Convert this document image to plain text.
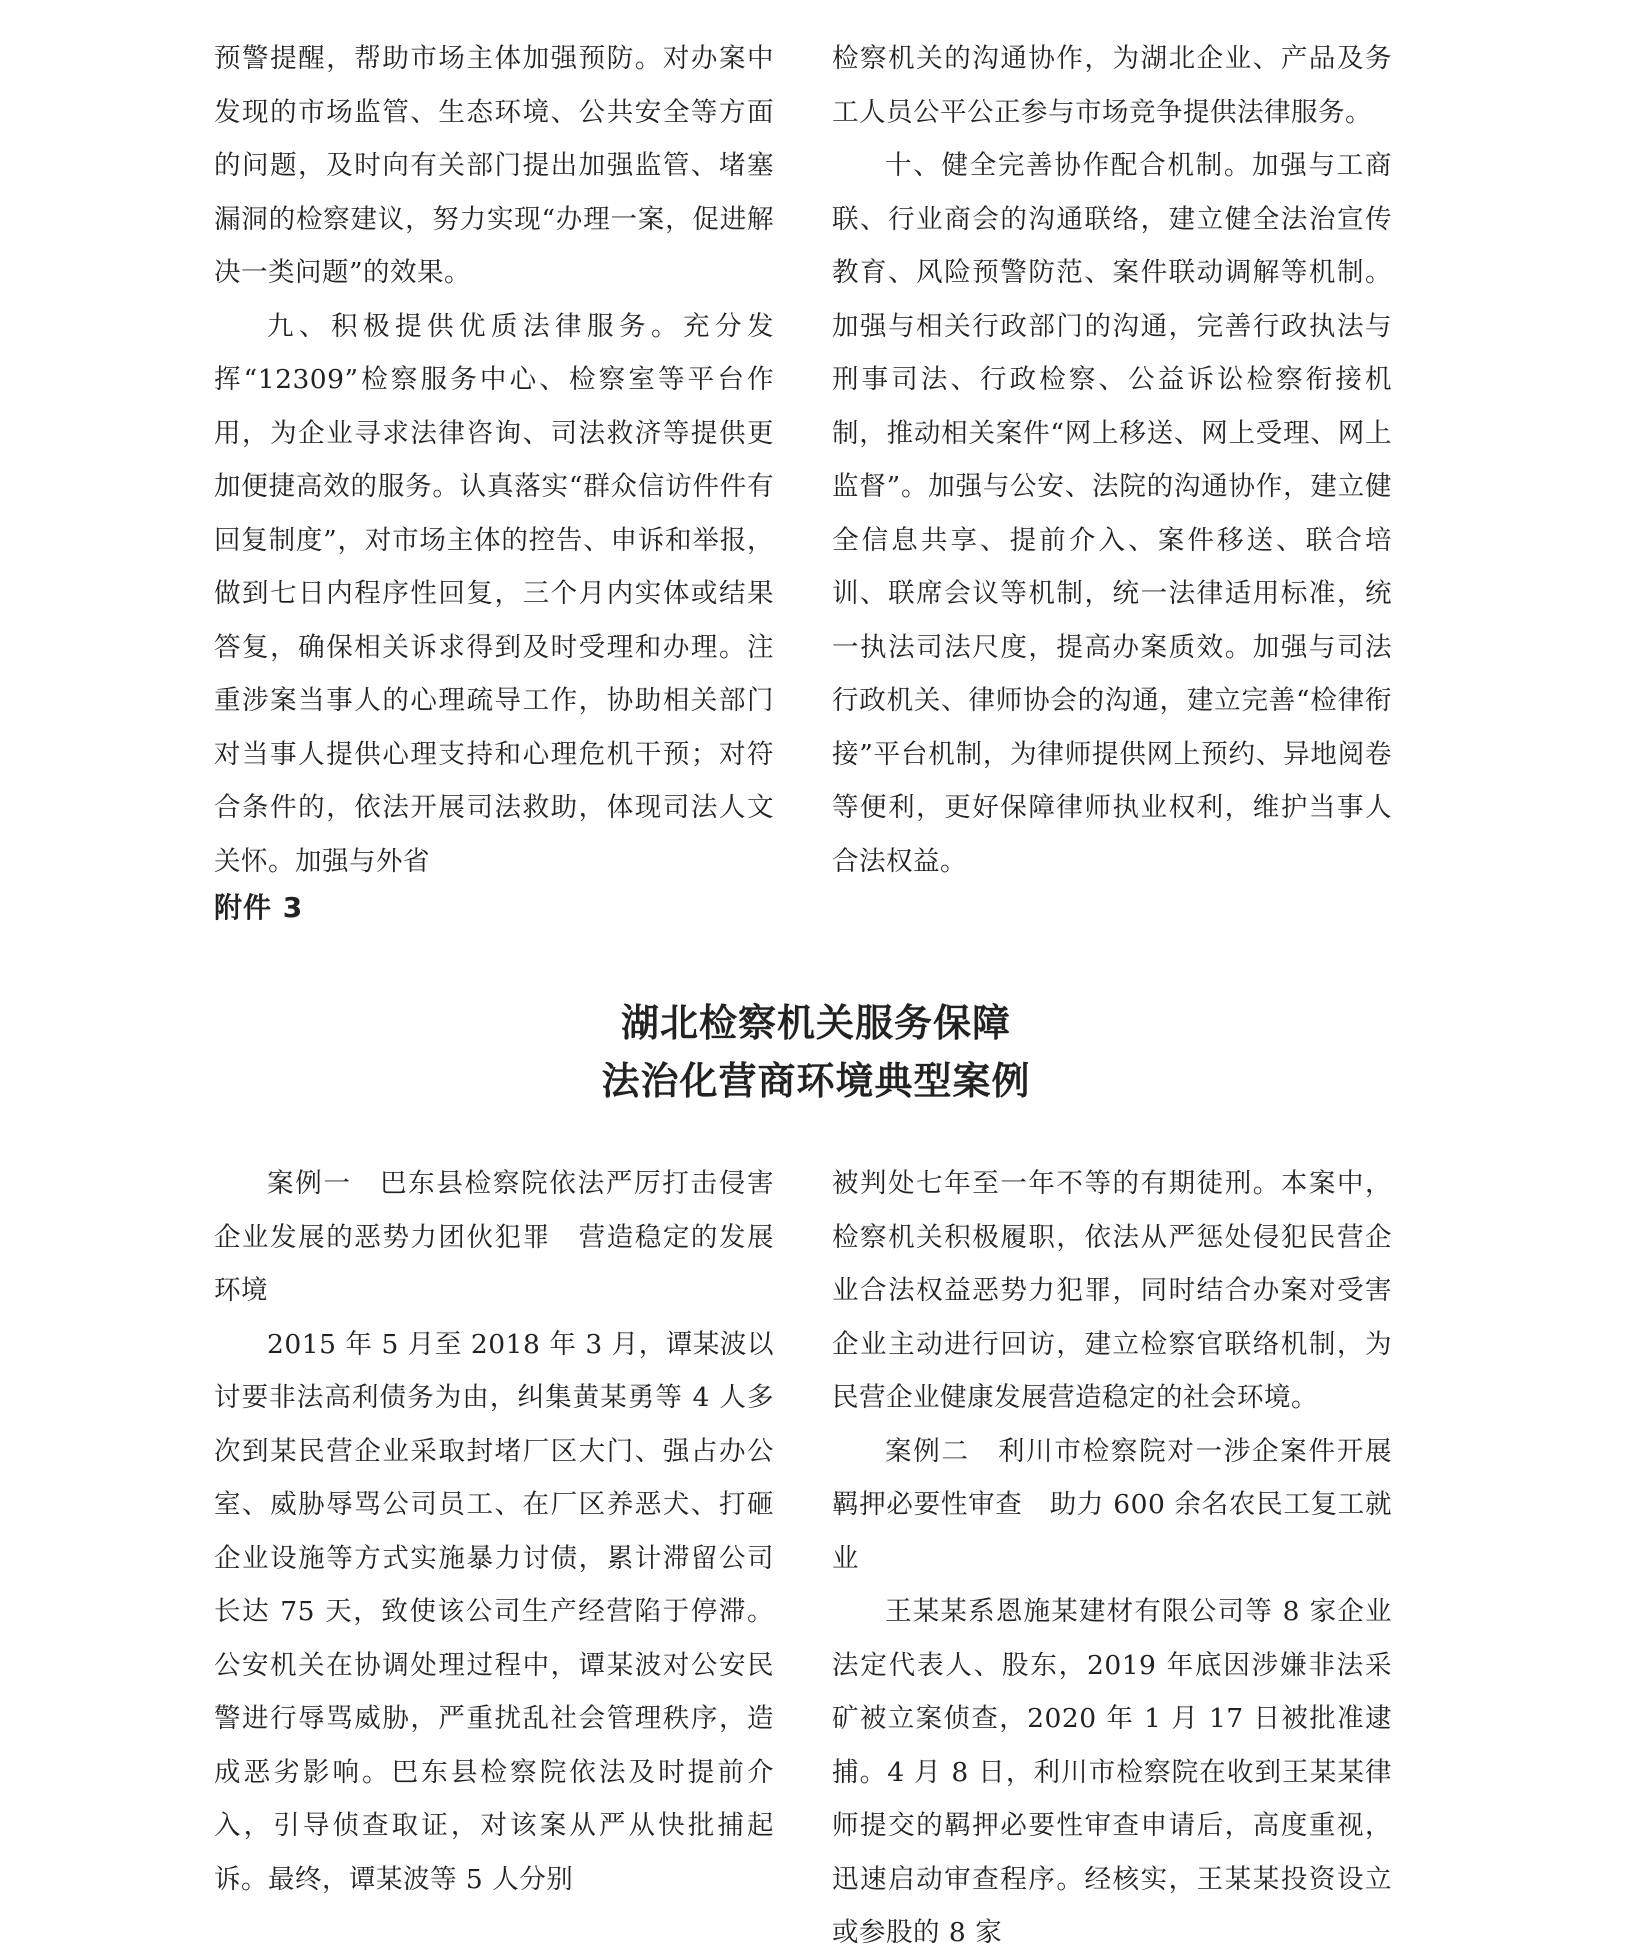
预警提醒，帮助市场主体加强预防。对办案中发现的市场监管、生态环境、公共安全等方面的问题，及时向有关部门提出加强监管、堵塞漏洞的检察建议，努力实现“办理一案，促进解决一类问题”的效果。

九、积极提供优质法律服务。充分发挥“12309”检察服务中心、检察室等平台作用，为企业寻求法律咨询、司法救济等提供更加便捷高效的服务。认真落实“群众信访件件有回复制度”，对市场主体的控告、申诉和举报，做到七日内程序性回复，三个月内实体或结果答复，确保相关诉求得到及时受理和办理。注重涉案当事人的心理疏导工作，协助相关部门对当事人提供心理支持和心理危机干预；对符合条件的，依法开展司法救助，体现司法人文关怀。加强与外省

检察机关的沟通协作，为湖北企业、产品及务工人员公平公正参与市场竞争提供法律服务。

十、健全完善协作配合机制。加强与工商联、行业商会的沟通联络，建立健全法治宣传教育、风险预警防范、案件联动调解等机制。加强与相关行政部门的沟通，完善行政执法与刑事司法、行政检察、公益诉讼检察衔接机制，推动相关案件“网上移送、网上受理、网上监督”。加强与公安、法院的沟通协作，建立健全信息共享、提前介入、案件移送、联合培训、联席会议等机制，统一法律适用标准，统一执法司法尺度，提高办案质效。加强与司法行政机关、律师协会的沟通，建立完善“检律衔接”平台机制，为律师提供网上预约、异地阅卷等便利，更好保障律师执业权利，维护当事人合法权益。

附件 3
湖北检察机关服务保障
法治化营商环境典型案例

案例一　巴东县检察院依法严厉打击侵害企业发展的恶势力团伙犯罪　营造稳定的发展环境

2015 年 5 月至 2018 年 3 月，谭某波以讨要非法高利债务为由，纠集黄某勇等 4 人多次到某民营企业采取封堵厂区大门、强占办公室、威胁辱骂公司员工、在厂区养恶犬、打砸企业设施等方式实施暴力讨债，累计滞留公司长达 75 天，致使该公司生产经营陷于停滞。公安机关在协调处理过程中，谭某波对公安民警进行辱骂威胁，严重扰乱社会管理秩序，造成恶劣影响。巴东县检察院依法及时提前介入，引导侦查取证，对该案从严从快批捕起诉。最终，谭某波等 5 人分别

被判处七年至一年不等的有期徒刑。本案中，检察机关积极履职，依法从严惩处侵犯民营企业合法权益恶势力犯罪，同时结合办案对受害企业主动进行回访，建立检察官联络机制，为民营企业健康发展营造稳定的社会环境。

案例二　利川市检察院对一涉企案件开展羁押必要性审查　助力 600 余名农民工复工就业

王某某系恩施某建材有限公司等 8 家企业法定代表人、股东，2019 年底因涉嫌非法采矿被立案侦查，2020 年 1 月 17 日被批准逮捕。4 月 8 日，利川市检察院在收到王某某律师提交的羁押必要性审查申请后，高度重视，迅速启动审查程序。经核实，王某某投资设立或参股的 8 家
